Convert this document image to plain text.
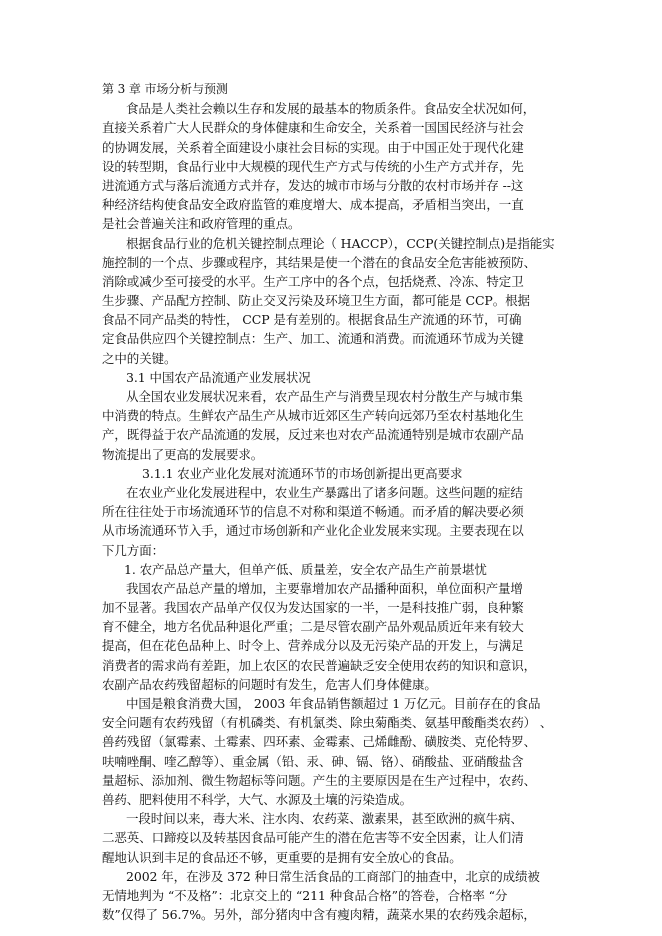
第 3 章 市场分析与预测
食品是人类社会赖以生存和发展的最基本的物质条件。食品安全状况如何，
直接关系着广大人民群众的身体健康和生命安全，关系着一国国民经济与社会
的协调发展，关系着全面建设小康社会目标的实现。由于中国正处于现代化建
设的转型期，食品行业中大规模的现代生产方式与传统的小生产方式并存，先
进流通方式与落后流通方式并存，发达的城市市场与分散的农村市场并存 --这
种经济结构使食品安全政府监管的难度增大、成本提高，矛盾相当突出，一直
是社会普遍关注和政府管理的重点。
根据食品行业的危机关键控制点理论（ HACCP），CCP(关键控制点)是指能实
施控制的一个点、步骤或程序，其结果是使一个潜在的食品安全危害能被预防、
消除或减少至可接受的水平。生产工序中的各个点，包括烧煮、冷冻、特定卫
生步骤、产品配方控制、防止交叉污染及环境卫生方面，都可能是 CCP。根据
食品不同产品类的特性， CCP 是有差别的。根据食品生产流通的环节，可确
定食品供应四个关键控制点：生产、加工、流通和消费。而流通环节成为关键
之中的关键。
3.1 中国农产品流通产业发展状况
从全国农业发展状况来看，农产品生产与消费呈现农村分散生产与城市集
中消费的特点。生鲜农产品生产从城市近郊区生产转向远郊乃至农村基地化生
产，既得益于农产品流通的发展，反过来也对农产品流通特别是城市农副产品
物流提出了更高的发展要求。
3.1.1 农业产业化发展对流通环节的市场创新提出更高要求
在农业产业化发展进程中，农业生产暴露出了诸多问题。这些问题的症结
所在往往处于市场流通环节的信息不对称和渠道不畅通。而矛盾的解决要必须
从市场流通环节入手，通过市场创新和产业化企业发展来实现。主要表现在以
下几方面：
1. 农产品总产量大，但单产低、质量差，安全农产品生产前景堪忧
我国农产品总产量的增加，主要靠增加农产品播种面积，单位面积产量增
加不显著。我国农产品单产仅仅为发达国家的一半，一是科技推广弱，良种繁
育不健全，地方名优品种退化严重；二是尽管农副产品外观品质近年来有较大
提高，但在花色品种上、时令上、营养成分以及无污染产品的开发上，与满足
消费者的需求尚有差距，加上农区的农民普遍缺乏安全使用农药的知识和意识，
农副产品农药残留超标的问题时有发生，危害人们身体健康。
中国是粮食消费大国， 2003 年食品销售额超过 1 万亿元。目前存在的食品
安全问题有农药残留（有机磷类、有机氯类、除虫菊酯类、氨基甲酸酯类农药） 、
兽药残留（氯霉素、土霉素、四环素、金霉素、己烯雌酚、磺胺类、克伦特罗、
呋喃唑酮、喹乙醇等）、重金属（铅、汞、砷、镉、铬）、硝酸盐、亚硝酸盐含
量超标、添加剂、微生物超标等问题。产生的主要原因是在生产过程中，农药、
兽药、肥料使用不科学，大气、水源及土壤的污染造成。
一段时间以来，毒大米、注水肉、农药菜、激素果，甚至欧洲的疯牛病、
二恶英、口蹄疫以及转基因食品可能产生的潜在危害等不安全因素，让人们清
醒地认识到丰足的食品还不够，更重要的是拥有安全放心的食品。
2002 年，在涉及 372 种日常生活食品的工商部门的抽查中，北京的成绩被
无情地判为 “不及格”：北京交上的 “211 种食品合格”的答卷，合格率 “分
数”仅得了 56.7%。另外，部分猪肉中含有瘦肉精，蔬菜水果的农药残余超标，
